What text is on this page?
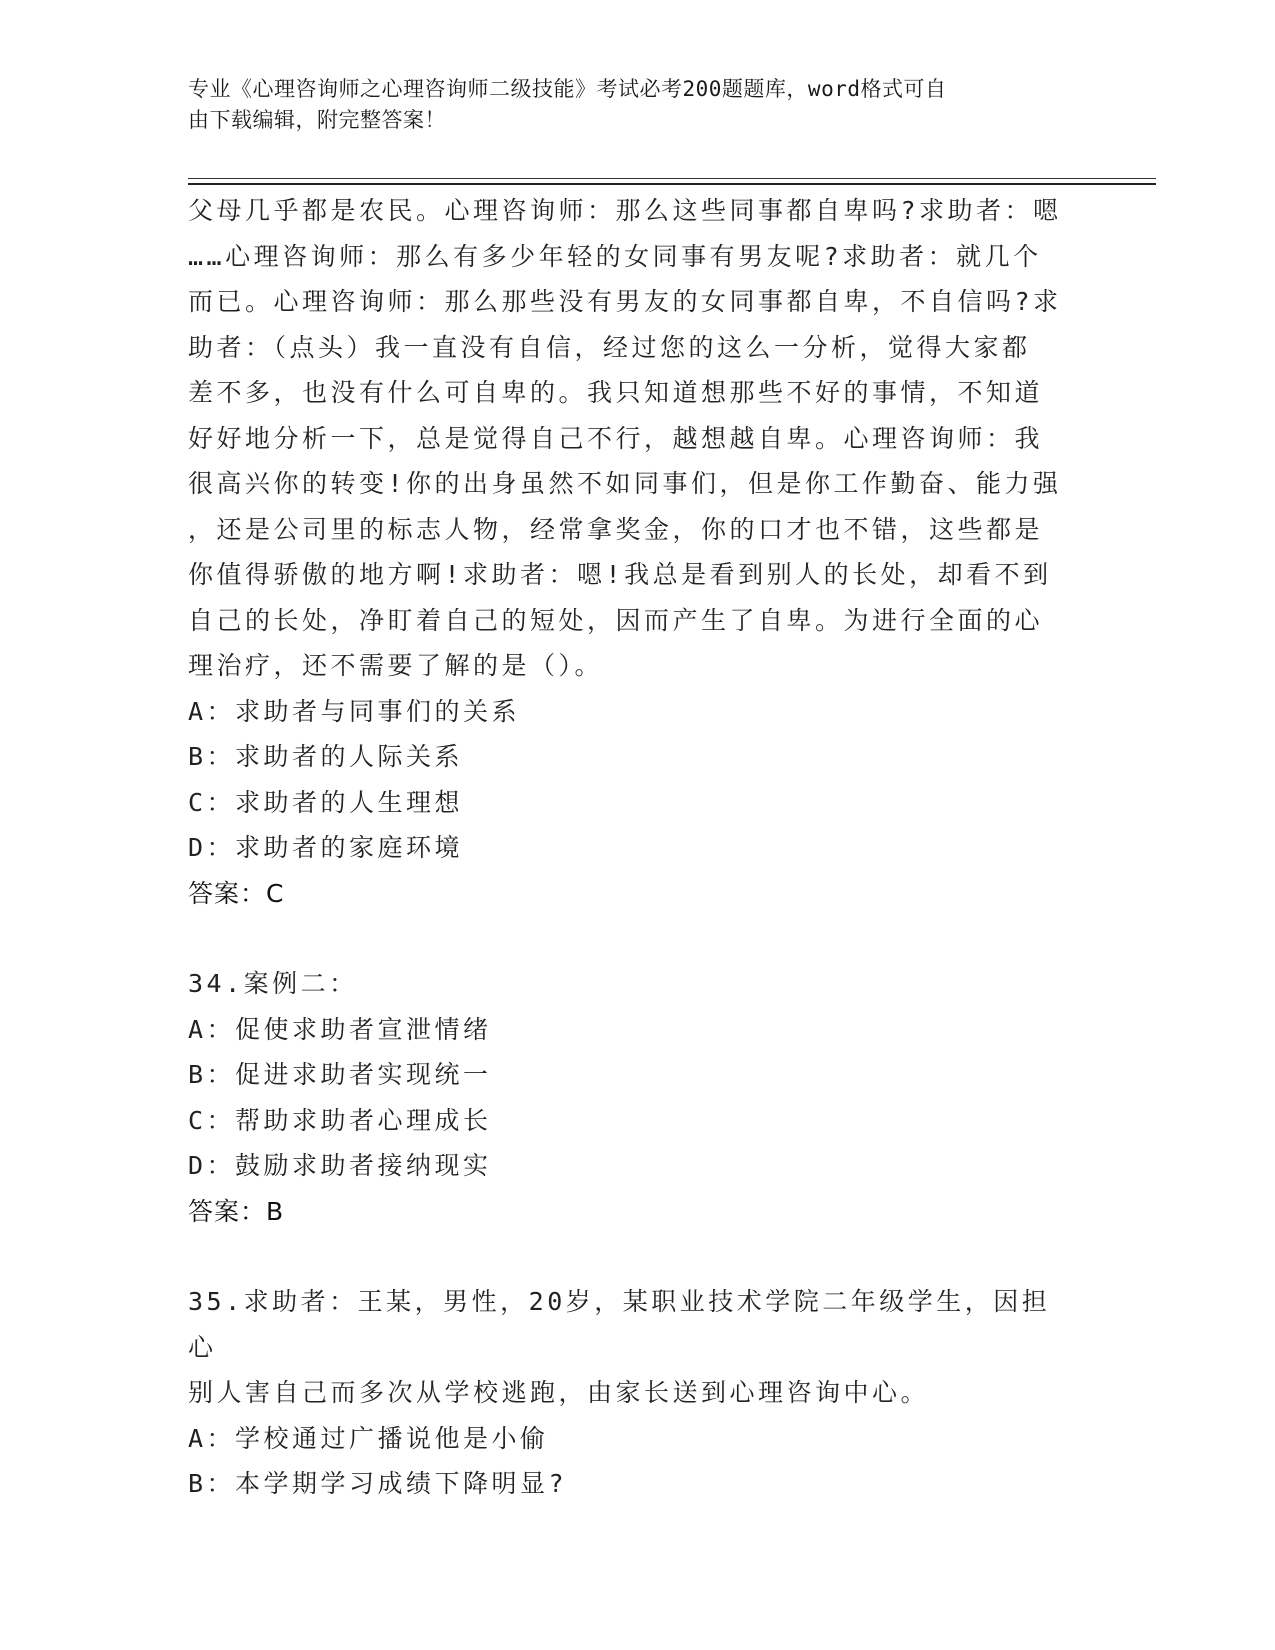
专业《心理咨询师之心理咨询师二级技能》考试必考200题题库，word格式可自
由下载编辑，附完整答案！

父母几乎都是农民。心理咨询师：那么这些同事都自卑吗?求助者：嗯

……心理咨询师：那么有多少年轻的女同事有男友呢?求助者：就几个

而已。心理咨询师：那么那些没有男友的女同事都自卑，不自信吗?求

助者：（点头）我一直没有自信，经过您的这么一分析，觉得大家都

差不多，也没有什么可自卑的。我只知道想那些不好的事情，不知道

好好地分析一下，总是觉得自己不行，越想越自卑。心理咨询师：我

很高兴你的转变!你的出身虽然不如同事们，但是你工作勤奋、能力强

，还是公司里的标志人物，经常拿奖金，你的口才也不错，这些都是

你值得骄傲的地方啊!求助者：嗯!我总是看到别人的长处，却看不到

自己的长处，净盯着自己的短处，因而产生了自卑。为进行全面的心

理治疗，还不需要了解的是（）。

A：求助者与同事们的关系

B：求助者的人际关系

C：求助者的人生理想

D：求助者的家庭环境

答案：C

34.案例二：

A：促使求助者宣泄情绪

B：促进求助者实现统一

C：帮助求助者心理成长

D：鼓励求助者接纳现实

答案：B

35.求助者：王某，男性，20岁，某职业技术学院二年级学生，因担心

别人害自己而多次从学校逃跑，由家长送到心理咨询中心。

A：学校通过广播说他是小偷

B：本学期学习成绩下降明显?
